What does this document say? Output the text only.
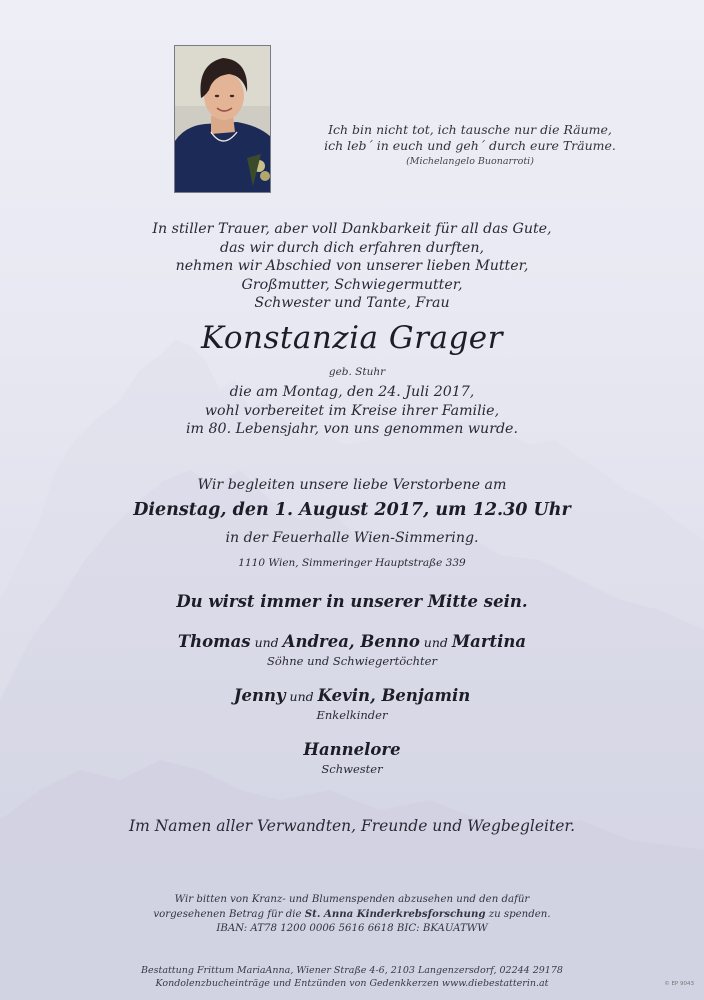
Ich bin nicht tot, ich tausche nur die Räume,
ich leb´ in euch und geh´ durch eure Träume.
(Michelangelo Buonarroti)
In stiller Trauer, aber voll Dankbarkeit für all das Gute,
das wir durch dich erfahren durften,
nehmen wir Abschied von unserer lieben Mutter,
Großmutter, Schwiegermutter,
Schwester und Tante, Frau
Konstanzia Grager
geb. Stuhr
die am Montag, den 24. Juli 2017,
wohl vorbereitet im Kreise ihrer Familie,
im 80. Lebensjahr, von uns genommen wurde.
Wir begleiten unsere liebe Verstorbene am
Dienstag, den 1. August 2017, um 12.30 Uhr
in der Feuerhalle Wien-Simmering.
1110 Wien, Simmeringer Hauptstraße 339
Du wirst immer in unserer Mitte sein.
Thomas und Andrea, Benno und Martina
Söhne und Schwiegertöchter
Jenny und Kevin, Benjamin
Enkelkinder
Hannelore
Schwester
Im Namen aller Verwandten, Freunde und Wegbegleiter.
Wir bitten von Kranz- und Blumenspenden abzusehen und den dafür
vorgesehenen Betrag für die St. Anna Kinderkrebsforschung zu spenden.
IBAN: AT78 1200 0006 5616 6618 BIC: BKAUATWW
Bestattung Frittum MariaAnna, Wiener Straße 4-6, 2103 Langenzersdorf, 02244 29178
Kondolenzbucheinträge und Entzünden von Gedenkkerzen www.diebestatterin.at	© EP 9043
